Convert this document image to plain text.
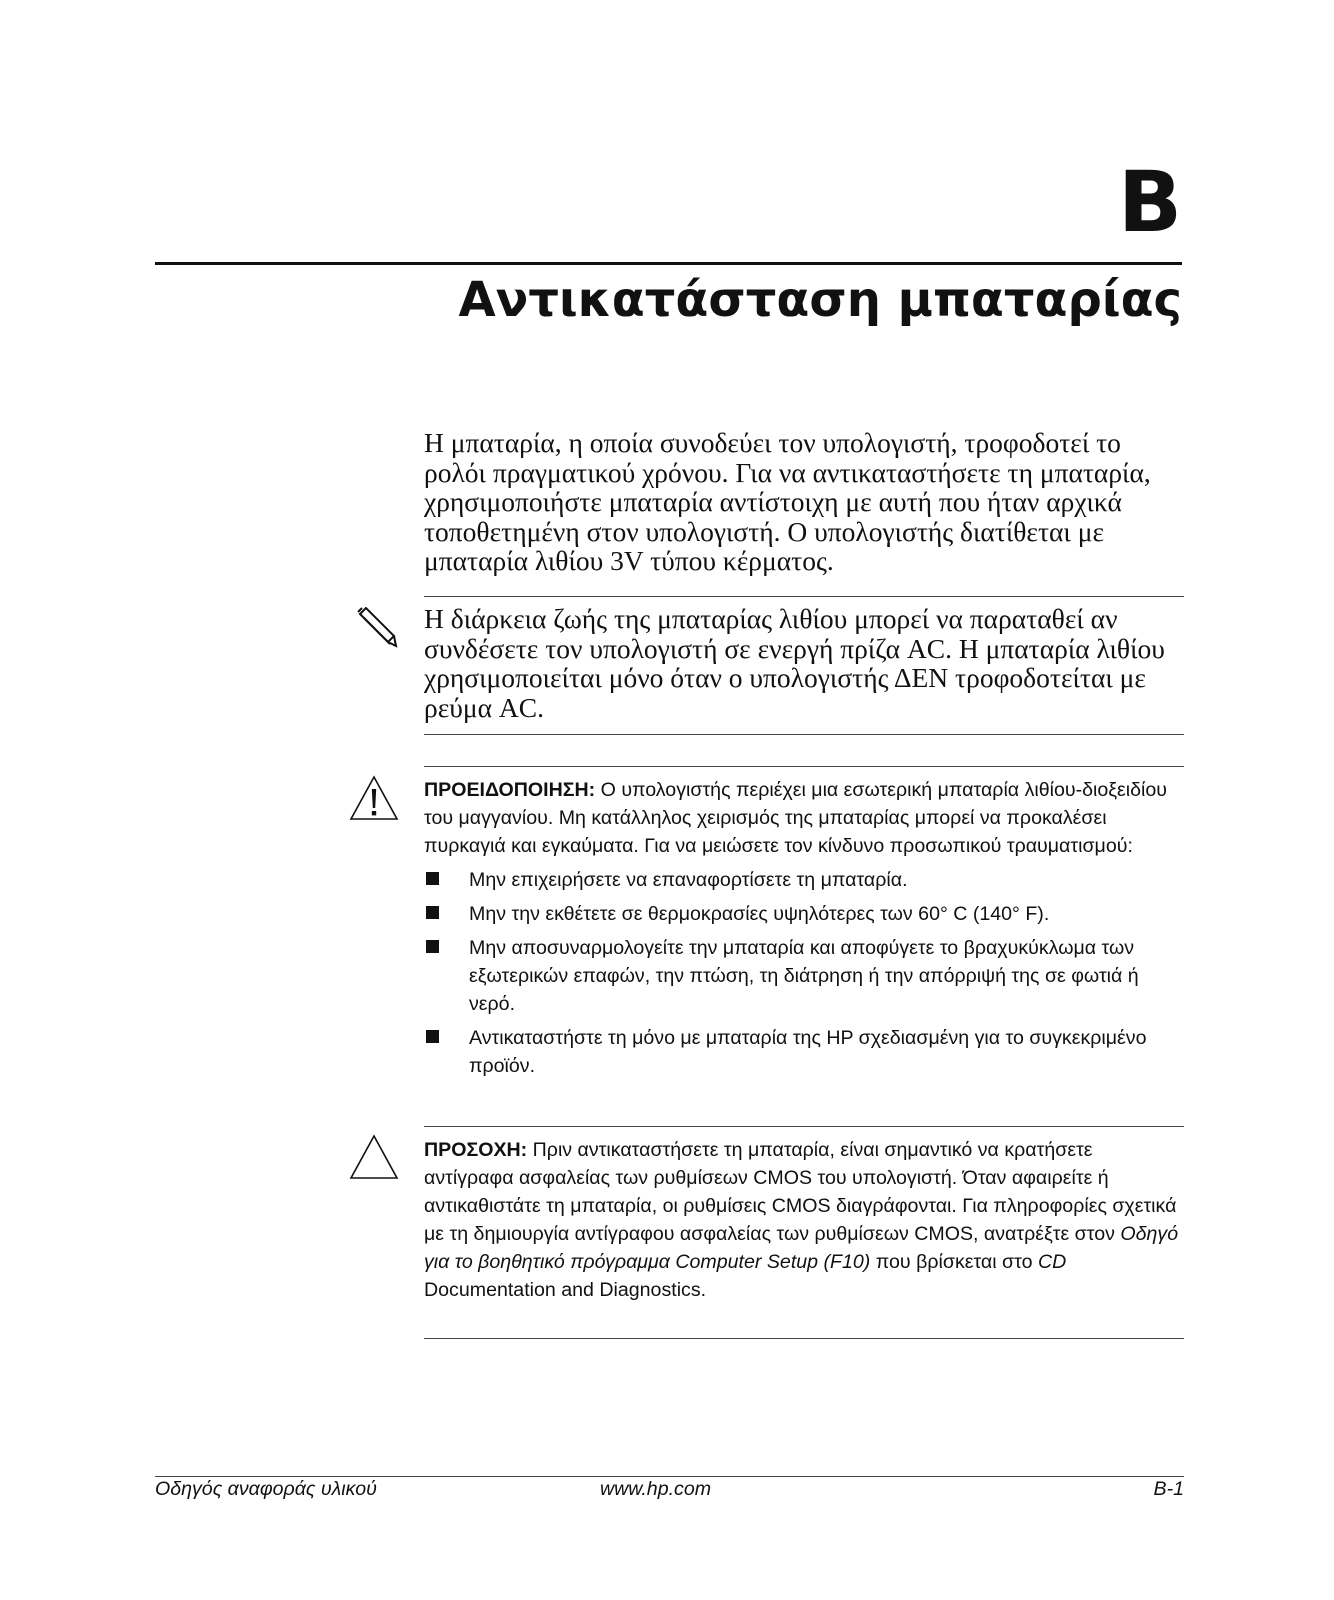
B
Αντικατάσταση μπαταρίας

Η μπαταρία, η οποία συνοδεύει τον υπολογιστή, τροφοδοτεί το ρολόι πραγματικού χρόνου. Για να αντικαταστήσετε τη μπαταρία, χρησιμοποιήστε μπαταρία αντίστοιχη με αυτή που ήταν αρχικά τοποθετημένη στον υπολογιστή. Ο υπολογιστής διατίθεται με μπαταρία λιθίου 3V τύπου κέρματος.

Η διάρκεια ζωής της μπαταρίας λιθίου μπορεί να παραταθεί αν συνδέσετε τον υπολογιστή σε ενεργή πρίζα AC. Η μπαταρία λιθίου χρησιμοποιείται μόνο όταν ο υπολογιστής ΔΕΝ τροφοδοτείται με ρεύμα AC.

ΠΡΟΕΙΔΟΠΟΙΗΣΗ: Ο υπολογιστής περιέχει μια εσωτερική μπαταρία λιθίου-διοξειδίου του μαγγανίου. Μη κατάλληλος χειρισμός της μπαταρίας μπορεί να προκαλέσει πυρκαγιά και εγκαύματα. Για να μειώσετε τον κίνδυνο προσωπικού τραυματισμού:

Μην επιχειρήσετε να επαναφορτίσετε τη μπαταρία.
Μην την εκθέτετε σε θερμοκρασίες υψηλότερες των 60° C (140° F).
Μην αποσυναρμολογείτε την μπαταρία και αποφύγετε το βραχυκύκλωμα των εξωτερικών επαφών, την πτώση, τη διάτρηση ή την απόρριψή της σε φωτιά ή νερό.
Αντικαταστήστε τη μόνο με μπαταρία της HP σχεδιασμένη για το συγκεκριμένο προϊόν.

ΠΡΟΣΟΧΗ: Πριν αντικαταστήσετε τη μπαταρία, είναι σημαντικό να κρατήσετε αντίγραφα ασφαλείας των ρυθμίσεων CMOS του υπολογιστή. Όταν αφαιρείτε ή αντικαθιστάτε τη μπαταρία, οι ρυθμίσεις CMOS διαγράφονται. Για πληροφορίες σχετικά με τη δημιουργία αντίγραφου ασφαλείας των ρυθμίσεων CMOS, ανατρέξτε στον Οδηγό για το βοηθητικό πρόγραμμα Computer Setup (F10) που βρίσκεται στο CD Documentation and Diagnostics.

Οδηγός αναφοράς υλικού	www.hp.com	B-1
